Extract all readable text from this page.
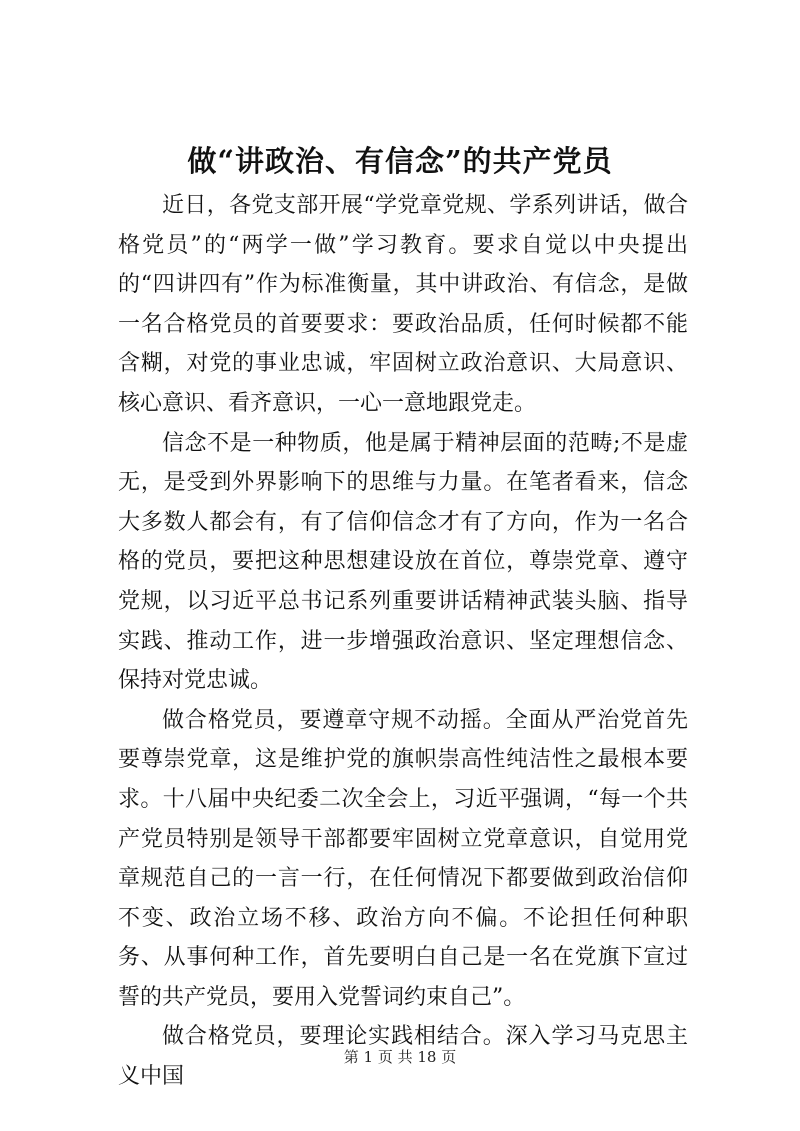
做“讲政治、有信念”的共产党员

近日，各党支部开展“学党章党规、学系列讲话，做合格党员”的“两学一做”学习教育。要求自觉以中央提出的“四讲四有”作为标准衡量，其中讲政治、有信念，是做一名合格党员的首要要求：要政治品质，任何时候都不能含糊，对党的事业忠诚，牢固树立政治意识、大局意识、核心意识、看齐意识，一心一意地跟党走。

信念不是一种物质，他是属于精神层面的范畴;不是虚无，是受到外界影响下的思维与力量。在笔者看来，信念大多数人都会有，有了信仰信念才有了方向，作为一名合格的党员，要把这种思想建设放在首位，尊崇党章、遵守党规，以习近平总书记系列重要讲话精神武装头脑、指导实践、推动工作，进一步增强政治意识、坚定理想信念、保持对党忠诚。

做合格党员，要遵章守规不动摇。全面从严治党首先要尊崇党章，这是维护党的旗帜崇高性纯洁性之最根本要求。十八届中央纪委二次全会上，习近平强调，“每一个共产党员特别是领导干部都要牢固树立党章意识，自觉用党章规范自己的一言一行，在任何情况下都要做到政治信仰不变、政治立场不移、政治方向不偏。不论担任何种职务、从事何种工作，首先要明白自己是一名在党旗下宣过誓的共产党员，要用入党誓词约束自己”。

做合格党员，要理论实践相结合。深入学习马克思主义中国

第 1 页 共 18 页
